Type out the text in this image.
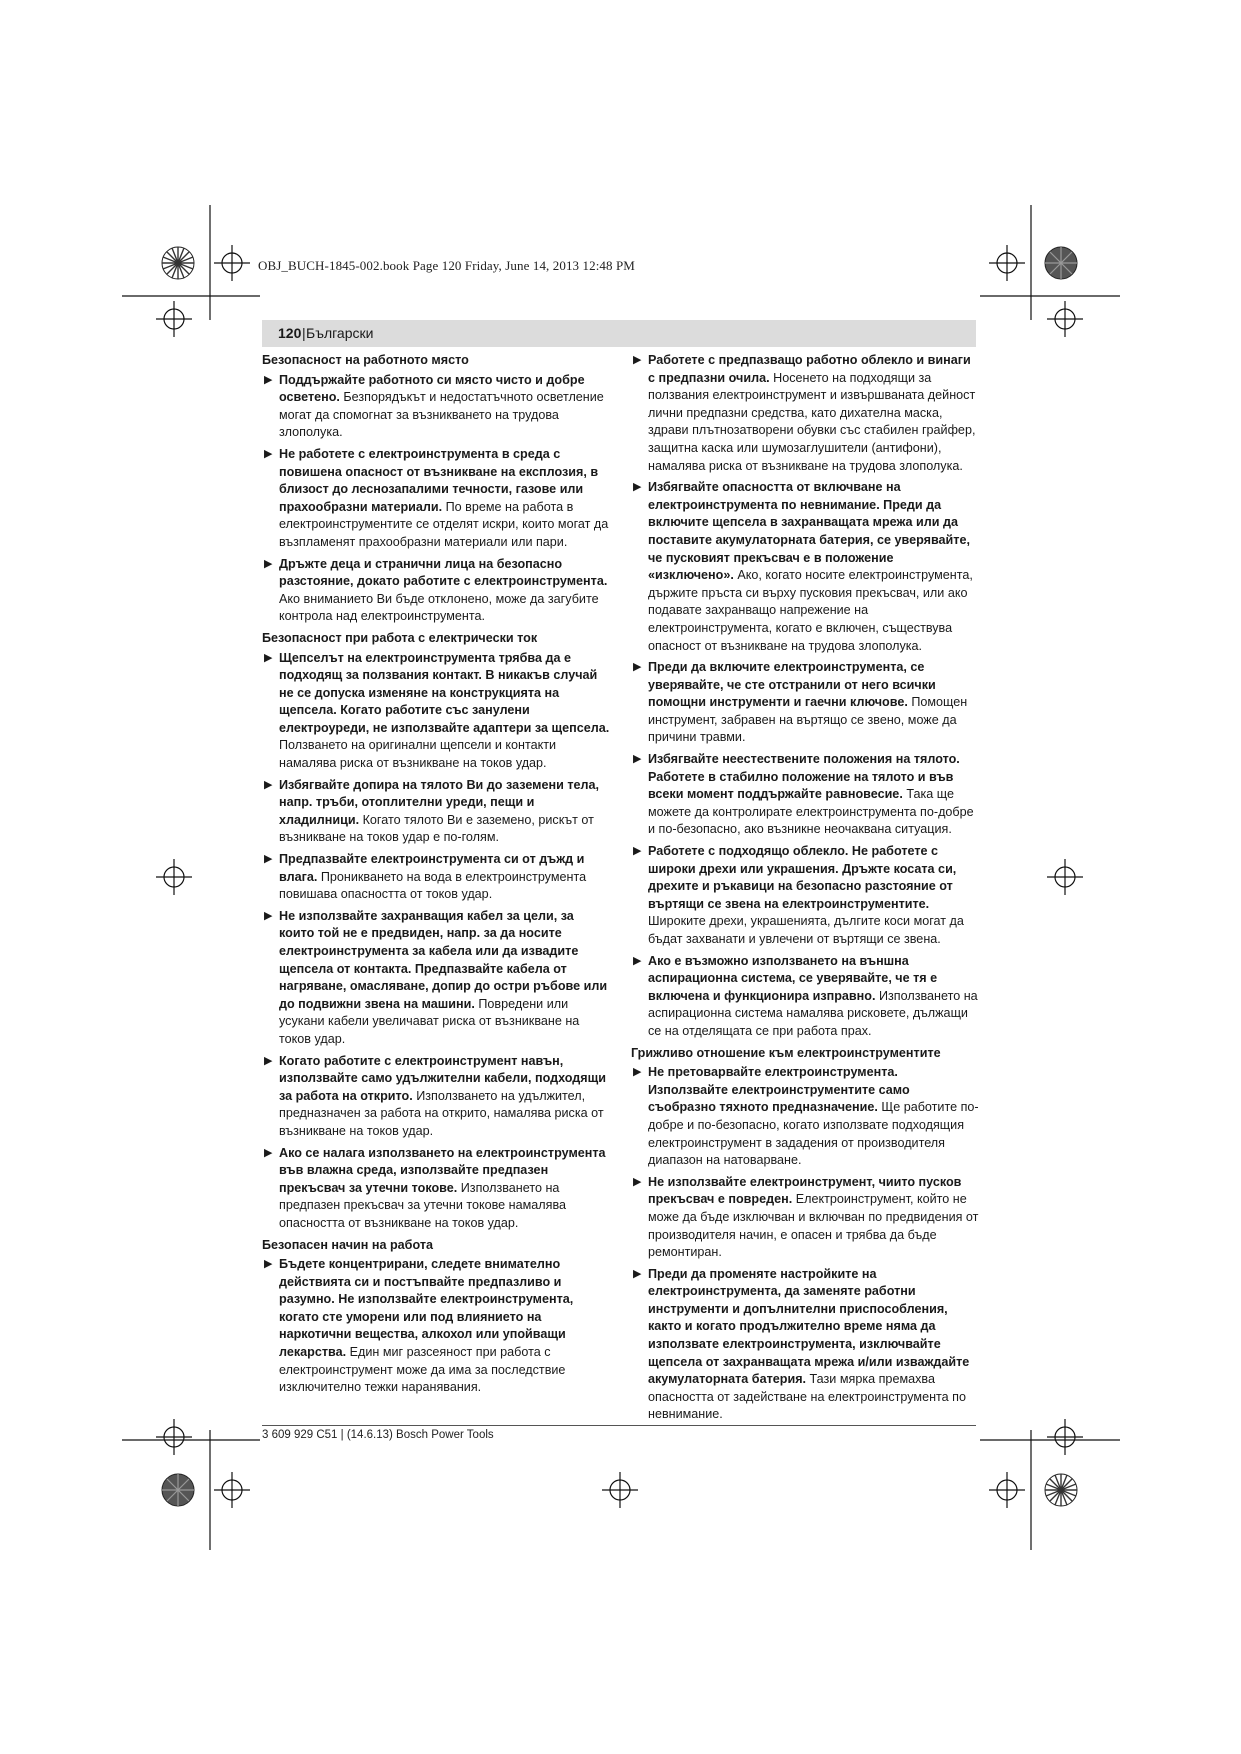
OBJ_BUCH-1845-002.book Page 120 Friday, June 14, 2013 12:48 PM
120 | Български
Безопасност на работното място
▶ Поддържайте работното си място чисто и добре осветено. Безпорядъкът и недостатъчното осветление могат да спомогнат за възникването на трудова злополука.
▶ Не работете с електроинструмента в среда с повишена опасност от възникване на експлозия, в близост до леснозапалими течности, газове или прахообразни материали. По време на работа в електроинструментите се отделят искри, които могат да възпламенят прахообразни материали или пари.
▶ Дръжте деца и странични лица на безопасно разстояние, докато работите с електроинструмента. Ако вниманието Ви бъде отклонено, може да загубите контрола над електроинструмента.
Безопасност при работа с електрически ток
▶ Щепселът на електроинструмента трябва да е подходящ за ползвания контакт. В никакъв случай не се допуска изменяне на конструкцията на щепсела. Когато работите със занулени електроуреди, не използвайте адаптери за щепсела. Ползването на оригинални щепсели и контакти намалява риска от възникване на токов удар.
▶ Избягвайте допира на тялото Ви до заземени тела, напр. тръби, отоплителни уреди, пещи и хладилници. Когато тялото Ви е заземено, рискът от възникване на токов удар е по-голям.
▶ Предпазвайте електроинструмента си от дъжд и влага. Проникването на вода в електроинструмента повишава опасността от токов удар.
▶ Не използвайте захранващия кабел за цели, за които той не е предвиден, напр. за да носите електроинструмента за кабела или да извадите щепсела от контакта. Предпазвайте кабела от нагряване, омасляване, допир до остри ръбове или до подвижни звена на машини. Повредени или усукани кабели увеличават риска от възникване на токов удар.
▶ Когато работите с електроинструмент навън, използвайте само удължителни кабели, подходящи за работа на открито. Използването на удължител, предназначен за работа на открито, намалява риска от възникване на токов удар.
▶ Ако се налага използването на електроинструмента във влажна среда, използвайте предпазен прекъсвач за утечни токове. Използването на предпазен прекъсвач за утечни токове намалява опасността от възникване на токов удар.
Безопасен начин на работа
▶ Бъдете концентрирани, следете внимателно действията си и постъпвайте предпазливо и разумно. Не използвайте електроинструмента, когато сте уморени или под влиянието на наркотични вещества, алкохол или упойващи лекарства. Един миг разсеяност при работа с електроинструмент може да има за последствие изключително тежки наранявания.
▶ Работете с предпазващо работно облекло и винаги с предпазни очила. Носенето на подходящи за ползвания електроинструмент и извършваната дейност лични предпазни средства, като дихателна маска, здрави плътнозатворени обувки със стабилен грайфер, защитна каска или шумозаглушители (антифони), намалява риска от възникване на трудова злополука.
▶ Избягвайте опасността от включване на електроинструмента по невнимание. Преди да включите щепсела в захранващата мрежа или да поставите акумулаторната батерия, се уверявайте, че пусковият прекъсвач е в положение «изключено». Ако, когато носите електроинструмента, държите пръста си върху пусковия прекъсвач, или ако подавате захранващо напрежение на електроинструмента, когато е включен, съществува опасност от възникване на трудова злополука.
▶ Преди да включите електроинструмента, се уверявайте, че сте отстранили от него всички помощни инструменти и гаечни ключове. Помощен инструмент, забравен на въртящо се звено, може да причини травми.
▶ Избягвайте неестествените положения на тялото. Работете в стабилно положение на тялото и във всеки момент поддържайте равновесие. Така ще можете да контролирате електроинструмента по-добре и по-безопасно, ако възникне неочаквана ситуация.
▶ Работете с подходящо облекло. Не работете с широки дрехи или украшения. Дръжте косата си, дрехите и ръкавици на безопасно разстояние от въртящи се звена на електроинструментите. Широките дрехи, украшенията, дългите коси могат да бъдат захванати и увлечени от въртящи се звена.
▶ Ако е възможно използването на външна аспирационна система, се уверявайте, че тя е включена и функционира изправно. Използването на аспирационна система намалява рисковете, дължащи се на отделящата се при работа прах.
Грижливо отношение към електроинструментите
▶ Не претоварвайте електроинструмента. Използвайте електроинструментите само съобразно тяхното предназначение. Ще работите по-добре и по-безопасно, когато използвате подходящия електроинструмент в зададения от производителя диапазон на натоварване.
▶ Не използвайте електроинструмент, чиито пусков прекъсвач е повреден. Електроинструмент, който не може да бъде изключван и включван по предвидения от производителя начин, е опасен и трябва да бъде ремонтиран.
▶ Преди да променяте настройките на електроинструмента, да заменяте работни инструменти и допълнителни приспособления, както и когато продължително време няма да използвате електроинструмента, изключвайте щепсела от захранващата мрежа и/или изваждайте акумулаторната батерия. Тази мярка премахва опасността от задействане на електроинструмента по невнимание.
3 609 929 C51 | (14.6.13) Bosch Power Tools
